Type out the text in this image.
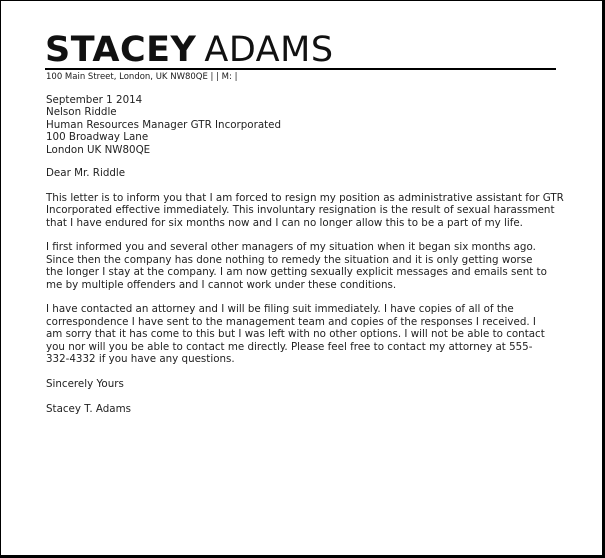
STACEY ADAMS
100 Main Street, London, UK NW80QE | | M: |
September 1 2014
Nelson Riddle
Human Resources Manager GTR Incorporated
100 Broadway Lane
London UK NW80QE
Dear Mr. Riddle
This letter is to inform you that I am forced to resign my position as administrative assistant for GTR
Incorporated effective immediately. This involuntary resignation is the result of sexual harassment
that I have endured for six months now and I can no longer allow this to be a part of my life.
I first informed you and several other managers of my situation when it began six months ago.
Since then the company has done nothing to remedy the situation and it is only getting worse
the longer I stay at the company. I am now getting sexually explicit messages and emails sent to
me by multiple offenders and I cannot work under these conditions.
I have contacted an attorney and I will be filing suit immediately. I have copies of all of the
correspondence I have sent to the management team and copies of the responses I received. I
am sorry that it has come to this but I was left with no other options. I will not be able to contact
you nor will you be able to contact me directly. Please feel free to contact my attorney at 555-
332-4332 if you have any questions.
Sincerely Yours
Stacey T. Adams
